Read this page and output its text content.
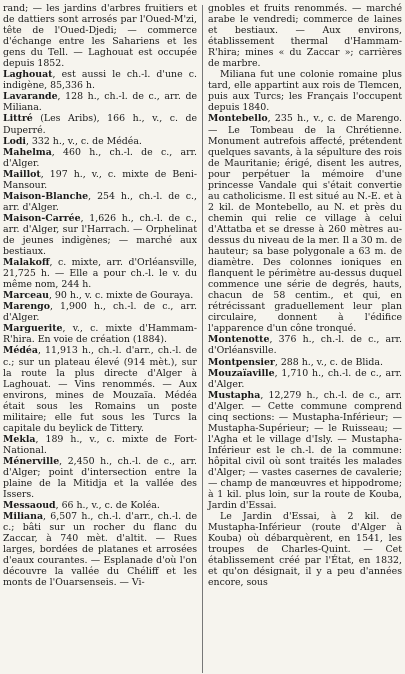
rand; — les jardins d'arbres fruitiers et de dattiers sont arrosés par l'Oued-M'zi, tête de l'Oued-Djedi; — commerce d'échange entre les Sahariens et les gens du Tell. — Laghouat est occupée depuis 1852.

Laghouat, est aussi le ch.-l. d'une c. indigène, 85,336 h.

Lavarande, 128 h., ch.-l. de c., arr. de Miliana.

Littré (Les Aribs), 166 h., v., c. de Duperré.

Lodi, 332 h., v., c. de Médéa.

Mahelma, 460 h., ch.-l. de c., arr. d'Alger.

Maillot, 197 h., v., c. mixte de Beni-Mansour.

Maison-Blanche, 254 h., ch.-l. de c., arr. d'Alger.

Maison-Carrée, 1,626 h., ch.-l. de c., arr. d'Alger, sur l'Harrach. — Orphelinat de jeunes indigènes; — marché aux bestiaux.

Malakoff, c. mixte, arr. d'Orléansville, 21,725 h. — Elle a pour ch.-l. le v. du même nom, 244 h.

Marceau, 90 h., v. c. mixte de Gouraya.

Marengo, 1,900 h., ch.-l. de c., arr. d'Alger.

Marguerite, v., c. mixte d'Hammam-R'hira. En voie de création (1884).

Médéa, 11,913 h., ch.-l. d'arr., ch.-l. de c.; sur un plateau élevé (914 mèt.), sur la route la plus directe d'Alger à Laghouat. — Vins renommés. — Aux environs, mines de Mouzaïa. Médéa était sous les Romains un poste militaire; elle fut sous les Turcs la capitale du beylick de Tittery.

Mekla, 189 h., v., c. mixte de Fort-National.

Ménerville, 2,450 h., ch.-l. de c., arr. d'Alger; point d'intersection entre la plaine de la Mitidja et la vallée des Issers.

Messaoud, 66 h., v., c. de Koléa.

Miliana, 6,507 h., ch.-l. d'arr., ch.-l. de c.; bâti sur un rocher du flanc du Zaccar, à 740 mèt. d'altit. — Rues larges, bordées de platanes et arrosées d'eaux courantes. — Esplanade d'où l'on découvre la vallée du Chéliff et les monts de l'Ouarsenseis. — Vi-

gnobles et fruits renommés. — marché arabe le vendredi; commerce de laines et bestiaux. — Aux environs, établissement thermal d'Hammam-R'hira; mines « du Zaccar »; carrières de marbre.

Miliana fut une colonie romaine plus tard, elle appartint aux rois de Tlemcen, puis aux Turcs; les Français l'occupent depuis 1840.

Montebello, 235 h., v., c. de Marengo. — Le Tombeau de la Chrétienne. Monument autrefois affecté, prétendent quelques savants, à la sépulture des rois de Mauritanie; érigé, disent les autres, pour perpétuer la mémoire d'une princesse Vandale qui s'était convertie au catholicisme. Il est situé au N.-E. et à 2 kil. de Montebello, au N. et près du chemin qui relie ce village à celui d'Attatba et se dresse à 260 mètres au-dessus du niveau de la mer. Il a 30 m. de hauteur; sa base polygonale a 63 m. de diamètre. Des colonnes ioniques en flanquent le périmètre au-dessus duquel commence une série de degrés, hauts, chacun de 58 centim., et qui, en rétrécissant graduellement leur plan circulaire, donnent à l'édifice l'apparence d'un cône tronqué.

Montenotte, 376 h., ch.-l. de c., arr. d'Orléansville.

Montpensier, 288 h., v., c. de Blida.

Mouzaïaville, 1,710 h., ch.-l. de c., arr. d'Alger.

Mustapha, 12,279 h., ch.-l. de c., arr. d'Alger. — Cette commune comprend cinq sections: — Mustapha-Inférieur; — Mustapha-Supérieur; — le Ruisseau; — l'Agha et le village d'Isly. — Mustapha-Inférieur est le ch.-l. de la commune: hôpital civil où sont traités les malades d'Alger; — vastes casernes de cavalerie; — champ de manœuvres et hippodrome; à 1 kil. plus loin, sur la route de Kouba, Jardin d'Essai.

Le Jardin d'Essai, à 2 kil. de Mustapha-Inférieur (route d'Alger à Kouba) où débarquèrent, en 1541, les troupes de Charles-Quint. — Cet établissement créé par l'État, en 1832, et qu'on désignait, il y a peu d'années encore, sous
